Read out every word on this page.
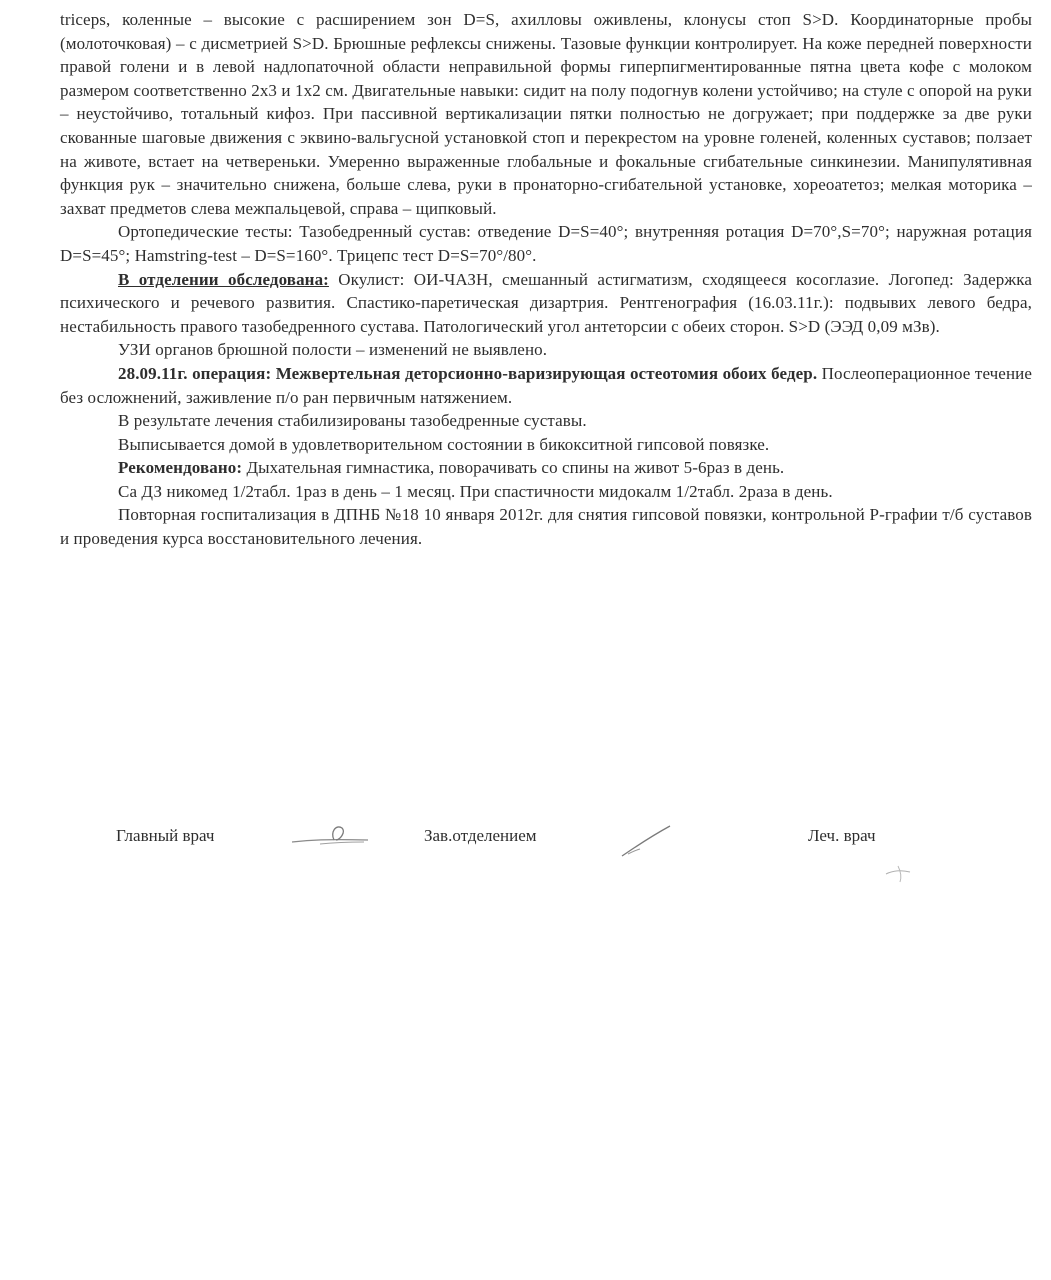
triceps, коленные – высокие с расширением зон D=S, ахилловы оживлены, клонусы стоп S>D. Координаторные пробы (молоточковая) – с дисметрией S>D. Брюшные рефлексы снижены. Тазовые функции контролирует. На коже передней поверхности правой голени и в левой надлопаточной области неправильной формы гиперпигментированные пятна цвета кофе с молоком размером соответственно 2х3 и 1х2 см. Двигательные навыки: сидит на полу подогнув колени устойчиво; на стуле с опорой на руки – неустойчиво, тотальный кифоз. При пассивной вертикализации пятки полностью не догружает; при поддержке за две руки скованные шаговые движения с эквино-вальгусной установкой стоп и перекрестом на уровне голеней, коленных суставов; ползает на животе, встает на четвереньки. Умеренно выраженные глобальные и фокальные сгибательные синкинезии. Манипулятивная функция рук – значительно снижена, больше слева, руки в пронаторно-сгибательной установке, хореоатетоз; мелкая моторика – захват предметов слева межпальцевой, справа – щипковый.

Ортопедические тесты: Тазобедренный сустав: отведение D=S=40°; внутренняя ротация D=70°,S=70°; наружная ротация D=S=45°; Hamstring-test – D=S=160°. Трицепс тест D=S=70°/80°.

В отделении обследована: Окулист: ОИ-ЧАЗН, смешанный астигматизм, сходящееся косоглазие. Логопед: Задержка психического и речевого развития. Спастико-паретическая дизартрия. Рентгенография (16.03.11г.): подвывих левого бедра, нестабильность правого тазобедренного сустава. Патологический угол антеторсии с обеих сторон. S>D (ЭЭД 0,09 мЗв).

УЗИ органов брюшной полости – изменений не выявлено.

28.09.11г. операция: Межвертельная деторсионно-варизирующая остеотомия обоих бедер. Послеоперационное течение без осложнений, заживление п/о ран первичным натяжением.

В результате лечения стабилизированы тазобедренные суставы.

Выписывается домой в удовлетворительном состоянии в бикокситной гипсовой повязке.

Рекомендовано: Дыхательная гимнастика, поворачивать со спины на живот 5-6раз в день.

Са ДЗ никомед 1/2табл. 1раз в день – 1 месяц. При спастичности мидокалм 1/2табл. 2раза в день.

Повторная госпитализация в ДПНБ №18 10 января 2012г. для снятия гипсовой повязки, контрольной Р-графии т/б суставов и проведения курса восстановительного лечения.

Главный врач	Зав.отделением	Леч. врач
